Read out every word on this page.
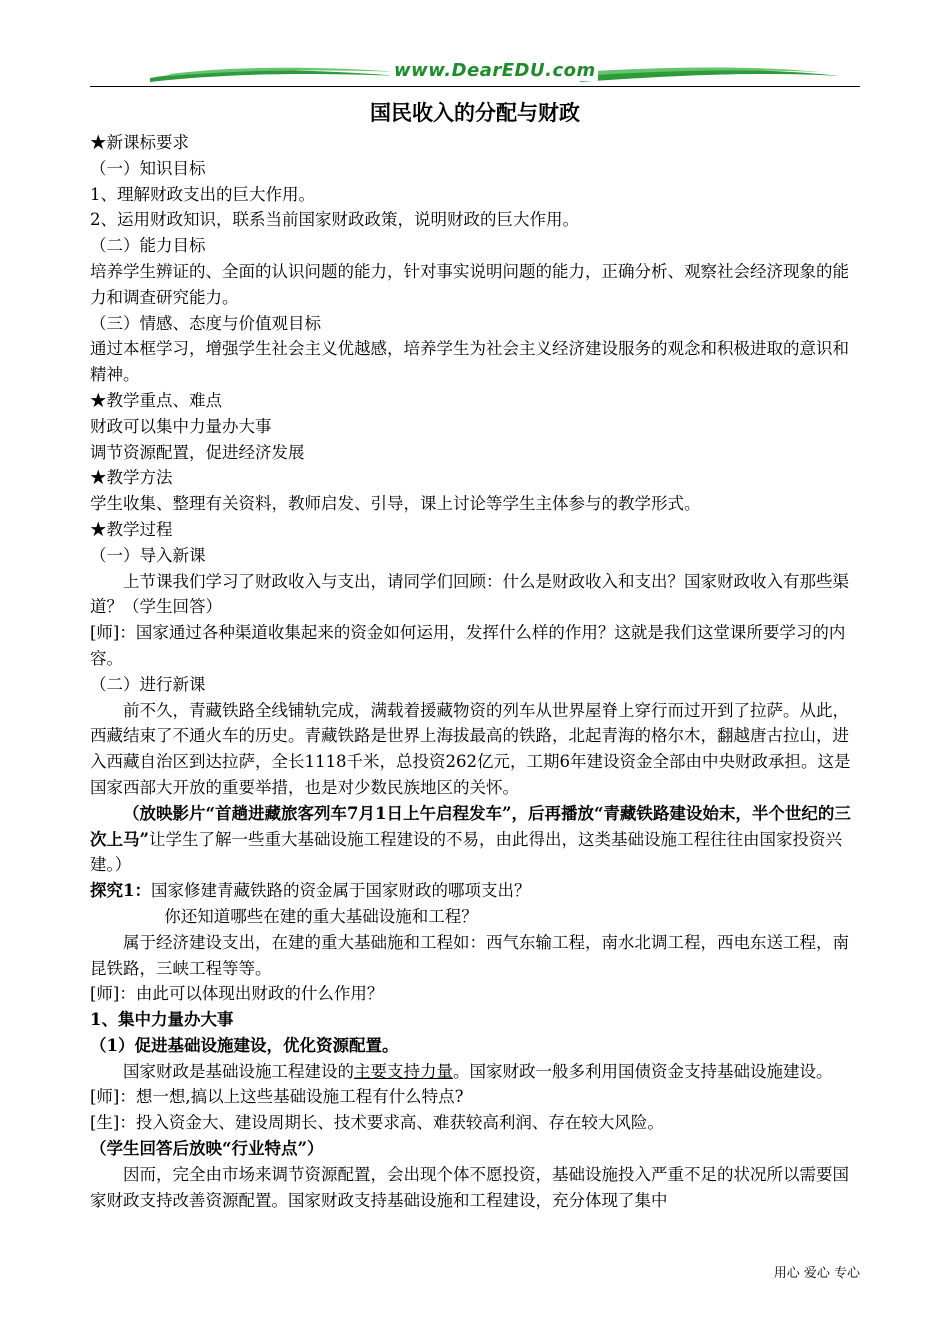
www.DearEDU.com
国民收入的分配与财政

★新课标要求

（一）知识目标

1、理解财政支出的巨大作用。

2、运用财政知识，联系当前国家财政政策，说明财政的巨大作用。

（二）能力目标

培养学生辨证的、全面的认识问题的能力，针对事实说明问题的能力，正确分析、观察社会经济现象的能力和调查研究能力。

（三）情感、态度与价值观目标

通过本框学习，增强学生社会主义优越感，培养学生为社会主义经济建设服务的观念和积极进取的意识和精神。

★教学重点、难点

财政可以集中力量办大事

调节资源配置，促进经济发展

★教学方法

学生收集、整理有关资料，教师启发、引导，课上讨论等学生主体参与的教学形式。

★教学过程

（一）导入新课

上节课我们学习了财政收入与支出，请同学们回顾：什么是财政收入和支出？国家财政收入有那些渠道？（学生回答）

[师]：国家通过各种渠道收集起来的资金如何运用，发挥什么样的作用？这就是我们这堂课所要学习的内容。

（二）进行新课

前不久，青藏铁路全线铺轨完成，满载着援藏物资的列车从世界屋脊上穿行而过开到了拉萨。从此，西藏结束了不通火车的历史。青藏铁路是世界上海拔最高的铁路，北起青海的格尔木，翻越唐古拉山，进入西藏自治区到达拉萨，全长1118千米，总投资262亿元，工期6年建设资金全部由中央财政承担。这是国家西部大开放的重要举措，也是对少数民族地区的关怀。

（放映影片“首趟进藏旅客列车7月1日上午启程发车”，后再播放“青藏铁路建设始末，半个世纪的三次上马”让学生了解一些重大基础设施工程建设的不易，由此得出，这类基础设施工程往往由国家投资兴建。）

探究1：国家修建青藏铁路的资金属于国家财政的哪项支出？

你还知道哪些在建的重大基础设施和工程？

属于经济建设支出，在建的重大基础施和工程如：西气东输工程，南水北调工程，西电东送工程，南昆铁路，三峡工程等等。

[师]：由此可以体现出财政的什么作用？

1、集中力量办大事

（1）促进基础设施建设，优化资源配置。

国家财政是基础设施工程建设的主要支持力量。国家财政一般多利用国债资金支持基础设施建设。

[师]：想一想,搞以上这些基础设施工程有什么特点?

[生]：投入资金大、建设周期长、技术要求高、难获较高利润、存在较大风险。

（学生回答后放映“行业特点”）

因而，完全由市场来调节资源配置，会出现个体不愿投资，基础设施投入严重不足的状况所以需要国家财政支持改善资源配置。国家财政支持基础设施和工程建设，充分体现了集中

用心 爱心 专心
